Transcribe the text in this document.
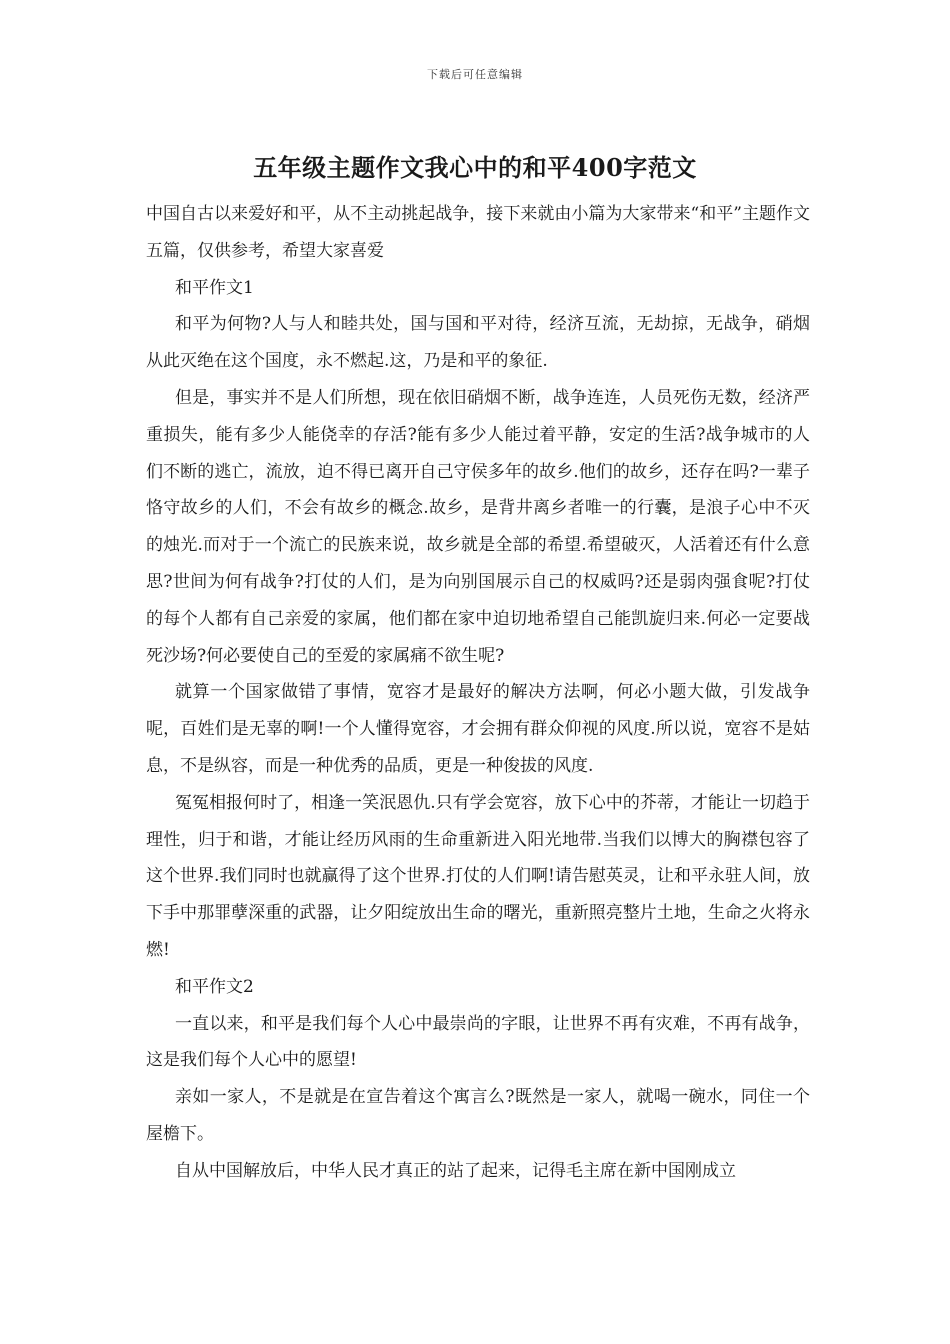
下载后可任意编辑
五年级主题作文我心中的和平400字范文

中国自古以来爱好和平，从不主动挑起战争，接下来就由小篇为大家带来“和平”主题作文五篇，仅供参考，希望大家喜爱

和平作文1

和平为何物?人与人和睦共处，国与国和平对待，经济互流，无劫掠，无战争，硝烟从此灭绝在这个国度，永不燃起.这，乃是和平的象征.

但是，事实并不是人们所想，现在依旧硝烟不断，战争连连，人员死伤无数，经济严重损失，能有多少人能侥幸的存活?能有多少人能过着平静，安定的生活?战争城市的人们不断的逃亡，流放，迫不得已离开自己守侯多年的故乡.他们的故乡，还存在吗?一辈子恪守故乡的人们，不会有故乡的概念.故乡，是背井离乡者唯一的行囊，是浪子心中不灭的烛光.而对于一个流亡的民族来说，故乡就是全部的希望.希望破灭，人活着还有什么意思?世间为何有战争?打仗的人们，是为向别国展示自己的权威吗?还是弱肉强食呢?打仗的每个人都有自己亲爱的家属，他们都在家中迫切地希望自己能凯旋归来.何必一定要战死沙场?何必要使自己的至爱的家属痛不欲生呢?

就算一个国家做错了事情，宽容才是最好的解决方法啊，何必小题大做，引发战争呢，百姓们是无辜的啊!一个人懂得宽容，才会拥有群众仰视的风度.所以说，宽容不是姑息，不是纵容，而是一种优秀的品质，更是一种俊拔的风度.

冤冤相报何时了，相逢一笑泯恩仇.只有学会宽容，放下心中的芥蒂，才能让一切趋于理性，归于和谐，才能让经历风雨的生命重新进入阳光地带.当我们以博大的胸襟包容了这个世界.我们同时也就赢得了这个世界.打仗的人们啊!请告慰英灵，让和平永驻人间，放下手中那罪孽深重的武器，让夕阳绽放出生命的曙光，重新照亮整片土地，生命之火将永燃!

和平作文2

一直以来，和平是我们每个人心中最崇尚的字眼，让世界不再有灾难，不再有战争，这是我们每个人心中的愿望!

亲如一家人，不是就是在宣告着这个寓言么?既然是一家人，就喝一碗水，同住一个屋檐下。

自从中国解放后，中华人民才真正的站了起来，记得毛主席在新中国刚成立
